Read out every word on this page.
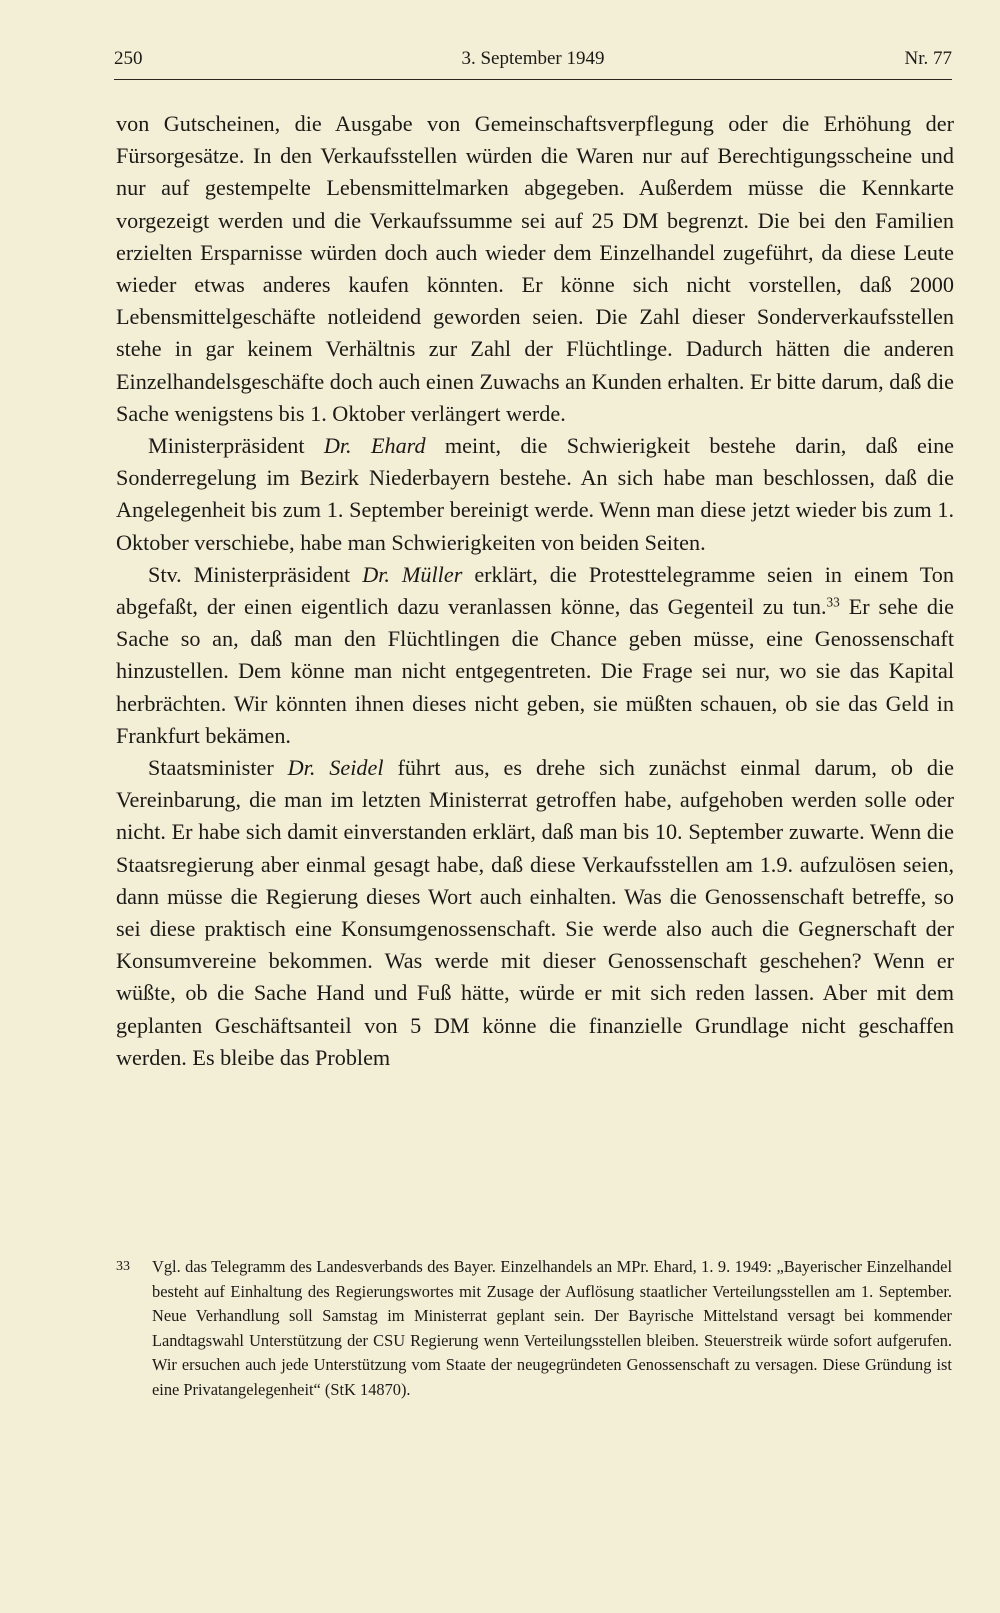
250	3. September 1949	Nr. 77

von Gutscheinen, die Ausgabe von Gemeinschaftsverpflegung oder die Erhöhung der Fürsorgesätze. In den Verkaufsstellen würden die Waren nur auf Berechtigungsscheine und nur auf gestempelte Lebensmittelmarken abgegeben. Außerdem müsse die Kennkarte vorgezeigt werden und die Verkaufssumme sei auf 25 DM begrenzt. Die bei den Familien erzielten Ersparnisse würden doch auch wieder dem Einzelhandel zugeführt, da diese Leute wieder etwas anderes kaufen könnten. Er könne sich nicht vorstellen, daß 2000 Lebensmittelgeschäfte notleidend geworden seien. Die Zahl dieser Sonderverkaufsstellen stehe in gar keinem Verhältnis zur Zahl der Flüchtlinge. Dadurch hätten die anderen Einzelhandelsgeschäfte doch auch einen Zuwachs an Kunden erhalten. Er bitte darum, daß die Sache wenigstens bis 1. Oktober verlängert werde.

Ministerpräsident Dr. Ehard meint, die Schwierigkeit bestehe darin, daß eine Sonderregelung im Bezirk Niederbayern bestehe. An sich habe man beschlossen, daß die Angelegenheit bis zum 1. September bereinigt werde. Wenn man diese jetzt wieder bis zum 1. Oktober verschiebe, habe man Schwierigkeiten von beiden Seiten.

Stv. Ministerpräsident Dr. Müller erklärt, die Protesttelegramme seien in einem Ton abgefaßt, der einen eigentlich dazu veranlassen könne, das Gegenteil zu tun.$^{33}$ Er sehe die Sache so an, daß man den Flüchtlingen die Chance geben müsse, eine Genossenschaft hinzustellen. Dem könne man nicht entgegentreten. Die Frage sei nur, wo sie das Kapital herbrächten. Wir könnten ihnen dieses nicht geben, sie müßten schauen, ob sie das Geld in Frankfurt bekämen.

Staatsminister Dr. Seidel führt aus, es drehe sich zunächst einmal darum, ob die Vereinbarung, die man im letzten Ministerrat getroffen habe, aufgehoben werden solle oder nicht. Er habe sich damit einverstanden erklärt, daß man bis 10. September zuwarte. Wenn die Staatsregierung aber einmal gesagt habe, daß diese Verkaufsstellen am 1.9. aufzulösen seien, dann müsse die Regierung dieses Wort auch einhalten. Was die Genossenschaft betreffe, so sei diese praktisch eine Konsumgenossenschaft. Sie werde also auch die Gegnerschaft der Konsumvereine bekommen. Was werde mit dieser Genossenschaft geschehen? Wenn er wüßte, ob die Sache Hand und Fuß hätte, würde er mit sich reden lassen. Aber mit dem geplanten Geschäftsanteil von 5 DM könne die finanzielle Grundlage nicht geschaffen werden. Es bleibe das Problem

33 Vgl. das Telegramm des Landesverbands des Bayer. Einzelhandels an MPr. Ehard, 1. 9. 1949: „Bayerischer Einzelhandel besteht auf Einhaltung des Regierungswortes mit Zusage der Auflösung staatlicher Verteilungsstellen am 1. September. Neue Verhandlung soll Samstag im Ministerrat geplant sein. Der Bayrische Mittelstand versagt bei kommender Landtagswahl Unterstützung der CSU Regierung wenn Verteilungsstellen bleiben. Steuerstreik würde sofort aufgerufen. Wir ersuchen auch jede Unterstützung vom Staate der neugegründeten Genossenschaft zu versagen. Diese Gründung ist eine Privatangelegenheit“ (StK 14870).
